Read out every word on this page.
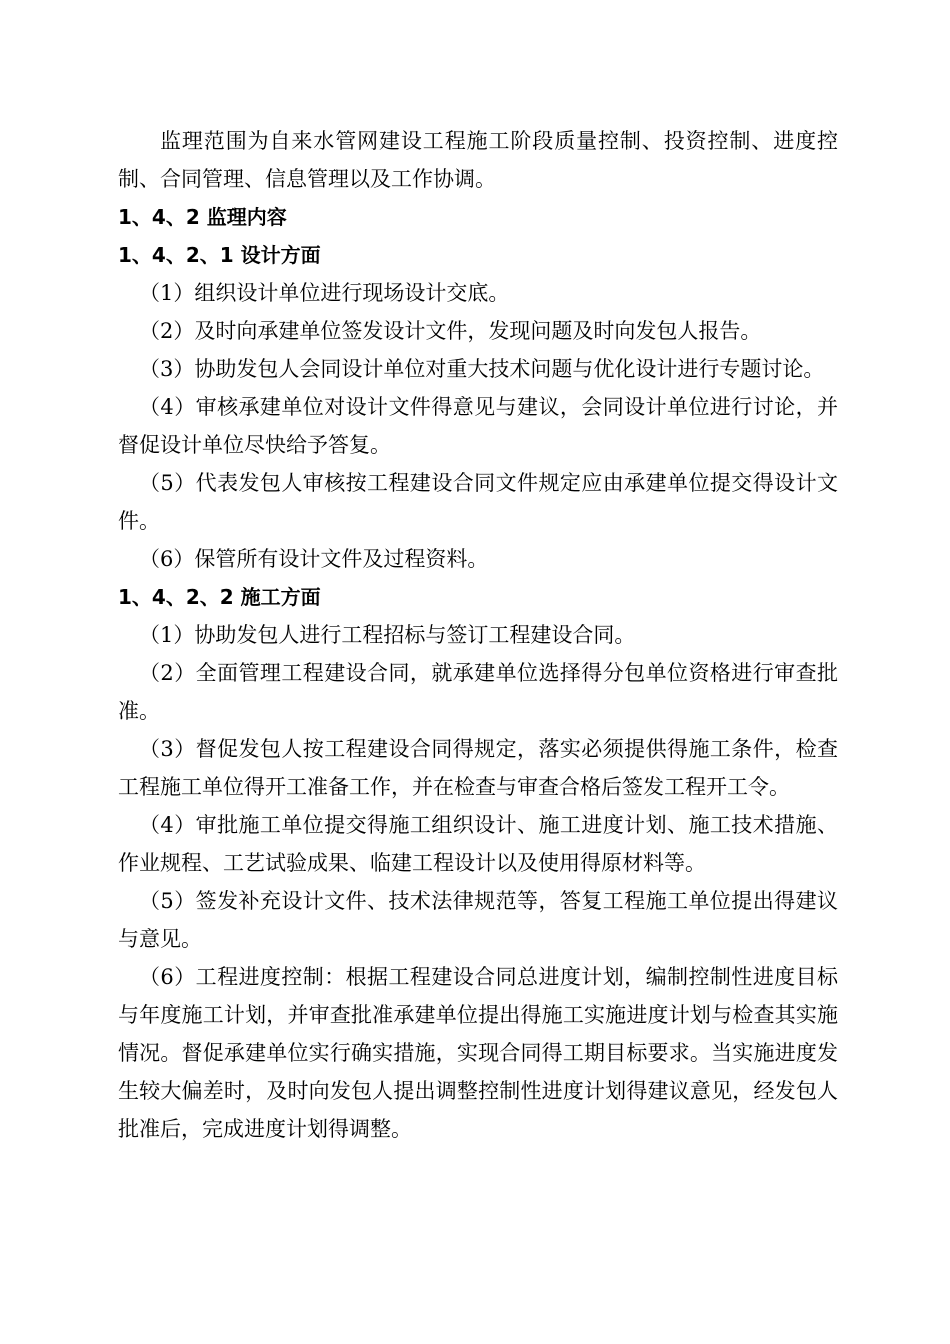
监理范围为自来水管网建设工程施工阶段质量控制、投资控制、进度控制、合同管理、信息管理以及工作协调。

1、4、2 监理内容

1、4、2、1 设计方面

（1）组织设计单位进行现场设计交底。

（2）及时向承建单位签发设计文件，发现问题及时向发包人报告。

（3）协助发包人会同设计单位对重大技术问题与优化设计进行专题讨论。

（4）审核承建单位对设计文件得意见与建议，会同设计单位进行讨论，并督促设计单位尽快给予答复。

（5）代表发包人审核按工程建设合同文件规定应由承建单位提交得设计文件。

（6）保管所有设计文件及过程资料。

1、4、2、2 施工方面

（1）协助发包人进行工程招标与签订工程建设合同。

（2）全面管理工程建设合同，就承建单位选择得分包单位资格进行审查批准。

（3）督促发包人按工程建设合同得规定，落实必须提供得施工条件，检查工程施工单位得开工准备工作，并在检查与审查合格后签发工程开工令。

（4）审批施工单位提交得施工组织设计、施工进度计划、施工技术措施、作业规程、工艺试验成果、临建工程设计以及使用得原材料等。

（5）签发补充设计文件、技术法律规范等，答复工程施工单位提出得建议与意见。

（6）工程进度控制：根据工程建设合同总进度计划，编制控制性进度目标与年度施工计划，并审查批准承建单位提出得施工实施进度计划与检查其实施情况。督促承建单位实行确实措施，实现合同得工期目标要求。当实施进度发生较大偏差时，及时向发包人提出调整控制性进度计划得建议意见，经发包人批准后，完成进度计划得调整。
